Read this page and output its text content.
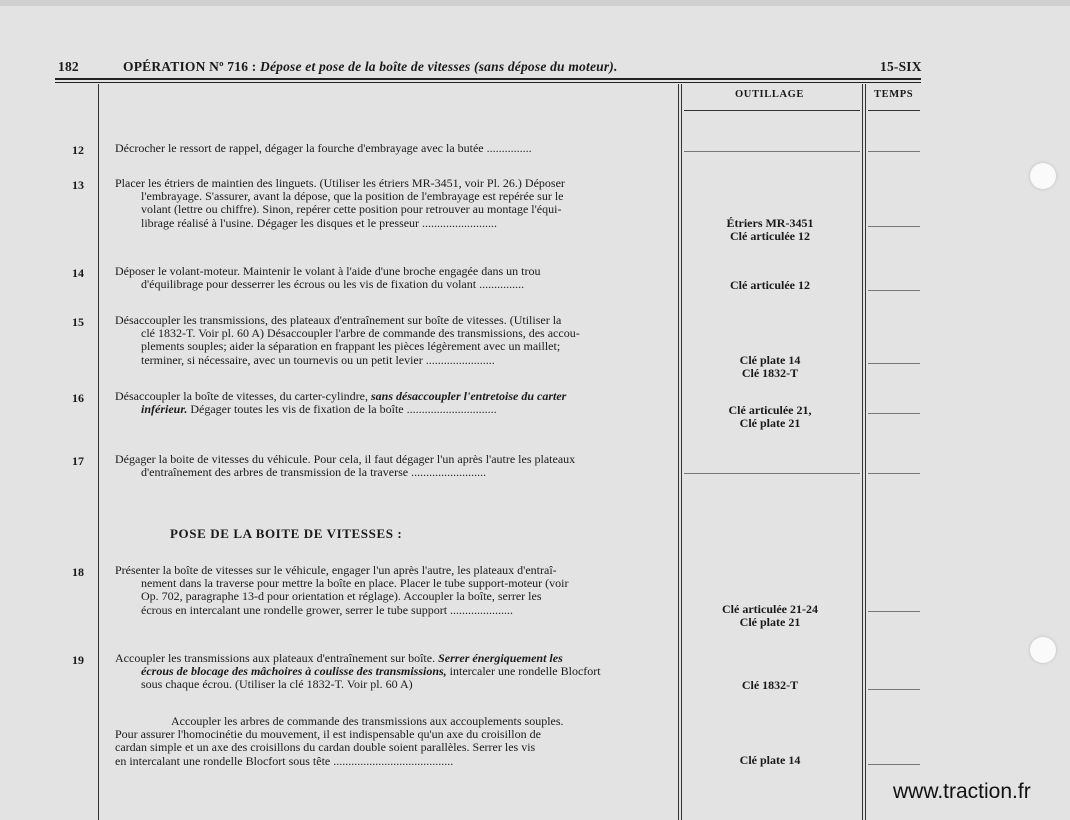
182	OPÉRATION Nº 716 : Dépose et pose de la boîte de vitesses (sans dépose du moteur).	15-SIX
OUTILLAGE	TEMPS
12	Décrocher le ressort de rappel, dégager la fourche d'embrayage avec la butée ...............
13	Placer les étriers de maintien des linguets. (Utiliser les étriers MR-3451, voir Pl. 26.) Déposer
l'embrayage. S'assurer, avant la dépose, que la position de l'embrayage est repérée sur le
volant (lettre ou chiffre). Sinon, repérer cette position pour retrouver au montage l'équi-
librage réalisé à l'usine. Dégager les disques et le presseur .........................	Étriers MR-3451
Clé articulée 12
14	Déposer le volant-moteur. Maintenir le volant à l'aide d'une broche engagée dans un trou
d'équilibrage pour desserrer les écrous ou les vis de fixation du volant ...............	Clé articulée 12
15	Désaccoupler les transmissions, des plateaux d'entraînement sur boîte de vitesses. (Utiliser la
clé 1832-T. Voir pl. 60 A) Désaccoupler l'arbre de commande des transmissions, des accou-
plements souples; aider la séparation en frappant les pièces légèrement avec un maillet;
terminer, si nécessaire, avec un tournevis ou un petit levier .......................	Clé plate 14
Clé 1832-T
16	Désaccoupler la boîte de vitesses, du carter-cylindre, sans désaccoupler l'entretoise du carter
inférieur. Dégager toutes les vis de fixation de la boîte ..............................	Clé articulée 21,
Clé plate 21
17	Dégager la boite de vitesses du véhicule. Pour cela, il faut dégager l'un après l'autre les plateaux
d'entraînement des arbres de transmission de la traverse .........................
POSE DE LA BOITE DE VITESSES :
18	Présenter la boîte de vitesses sur le véhicule, engager l'un après l'autre, les plateaux d'entraî-
nement dans la traverse pour mettre la boîte en place. Placer le tube support-moteur (voir
Op. 702, paragraphe 13-d pour orientation et réglage). Accoupler la boîte, serrer les
écrous en intercalant une rondelle grower, serrer le tube support .....................	Clé articulée 21-24
Clé plate 21
19	Accoupler les transmissions aux plateaux d'entraînement sur boîte. Serrer énergiquement les
écrous de blocage des mâchoires à coulisse des transmissions, intercaler une rondelle Blocfort
sous chaque écrou. (Utiliser la clé 1832-T. Voir pl. 60 A)	Clé 1832-T
Accoupler les arbres de commande des transmissions aux accouplements souples.
Pour assurer l'homocinétie du mouvement, il est indispensable qu'un axe du croisillon de
cardan simple et un axe des croisillons du cardan double soient parallèles. Serrer les vis
en intercalant une rondelle Blocfort sous tête ........................................	Clé plate 14
www.traction.fr
